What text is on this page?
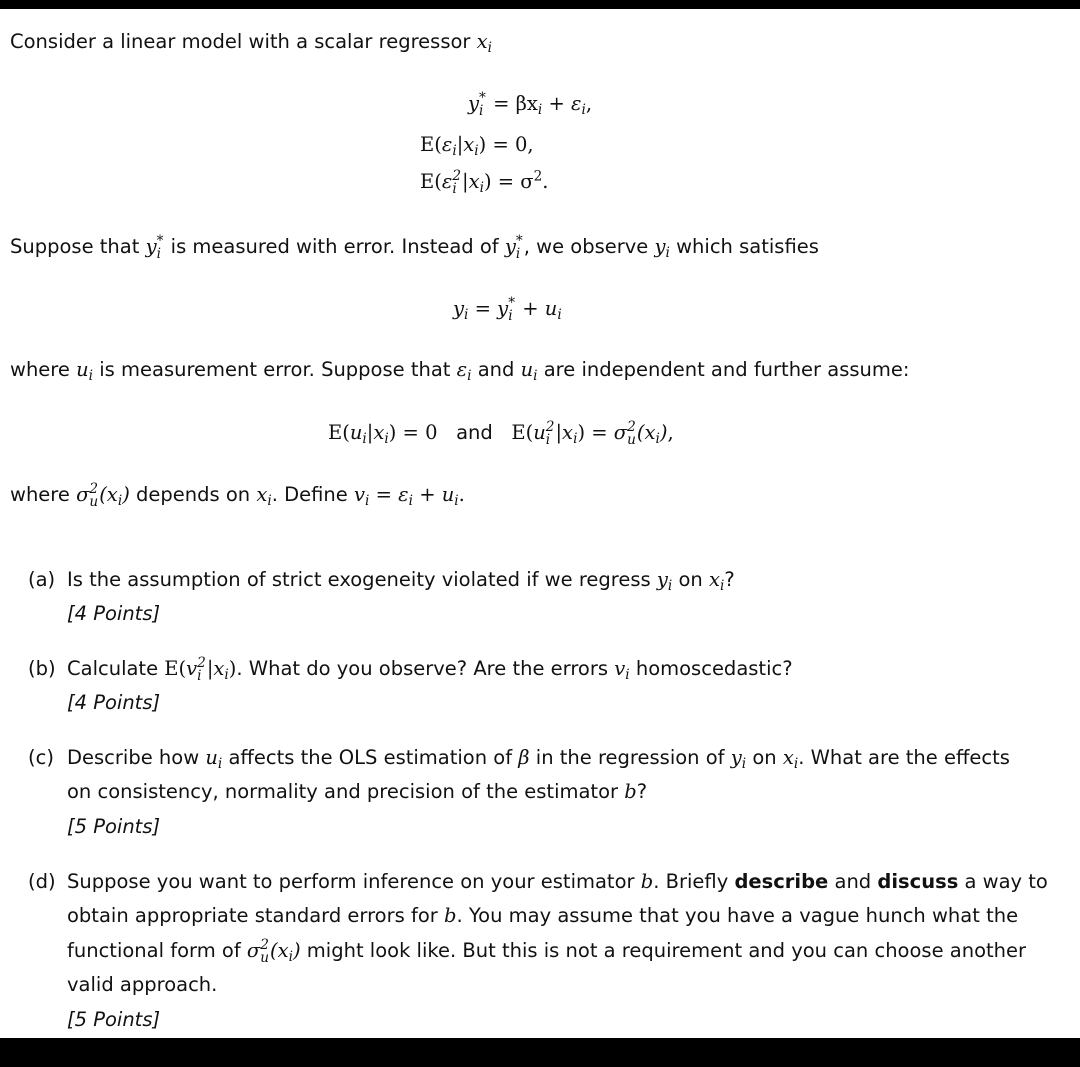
Consider a linear model with a scalar regressor $x_i$
y *
$i = \beta x_i + \varepsilon_i$,
$E(\varepsilon_i|x_i) = 0$,
E(ε 2
i $|x_i) = \sigma^2$.
Suppose that y *
i is measured with error. Instead of y *
i , we observe $y_i$ which satisfies
$y_i = y$ *
$i + u_i$
where $u_i$ is measurement error. Suppose that $\varepsilon_i$ and $u_i$ are independent and further assume:
$E(u_i|x_i) = 0$ and E(u 2
i $|x_i) = \sigma$ 2
u $(x_i)$,
where σ 2
u $(x_i)$ depends on $x_i$. Define $v_i = \varepsilon_i + u_i$.
(a) Is the assumption of strict exogeneity violated if we regress $y_i$ on $x_i$?
[4 Points]
(b) Calculate E(v 2
i $|x_i$). What do you observe? Are the errors $v_i$ homoscedastic?
[4 Points]
(c) Describe how $u_i$ affects the OLS estimation of β in the regression of $y_i$ on $x_i$. What are the effects
on consistency, normality and precision of the estimator b?
[5 Points]
(d) Suppose you want to perform inference on your estimator b. Briefly describe and discuss a way to
obtain appropriate standard errors for b. You may assume that you have a vague hunch what the
functional form of σ 2
u $(x_i)$ might look like. But this is not a requirement and you can choose another
valid approach.
[5 Points]
